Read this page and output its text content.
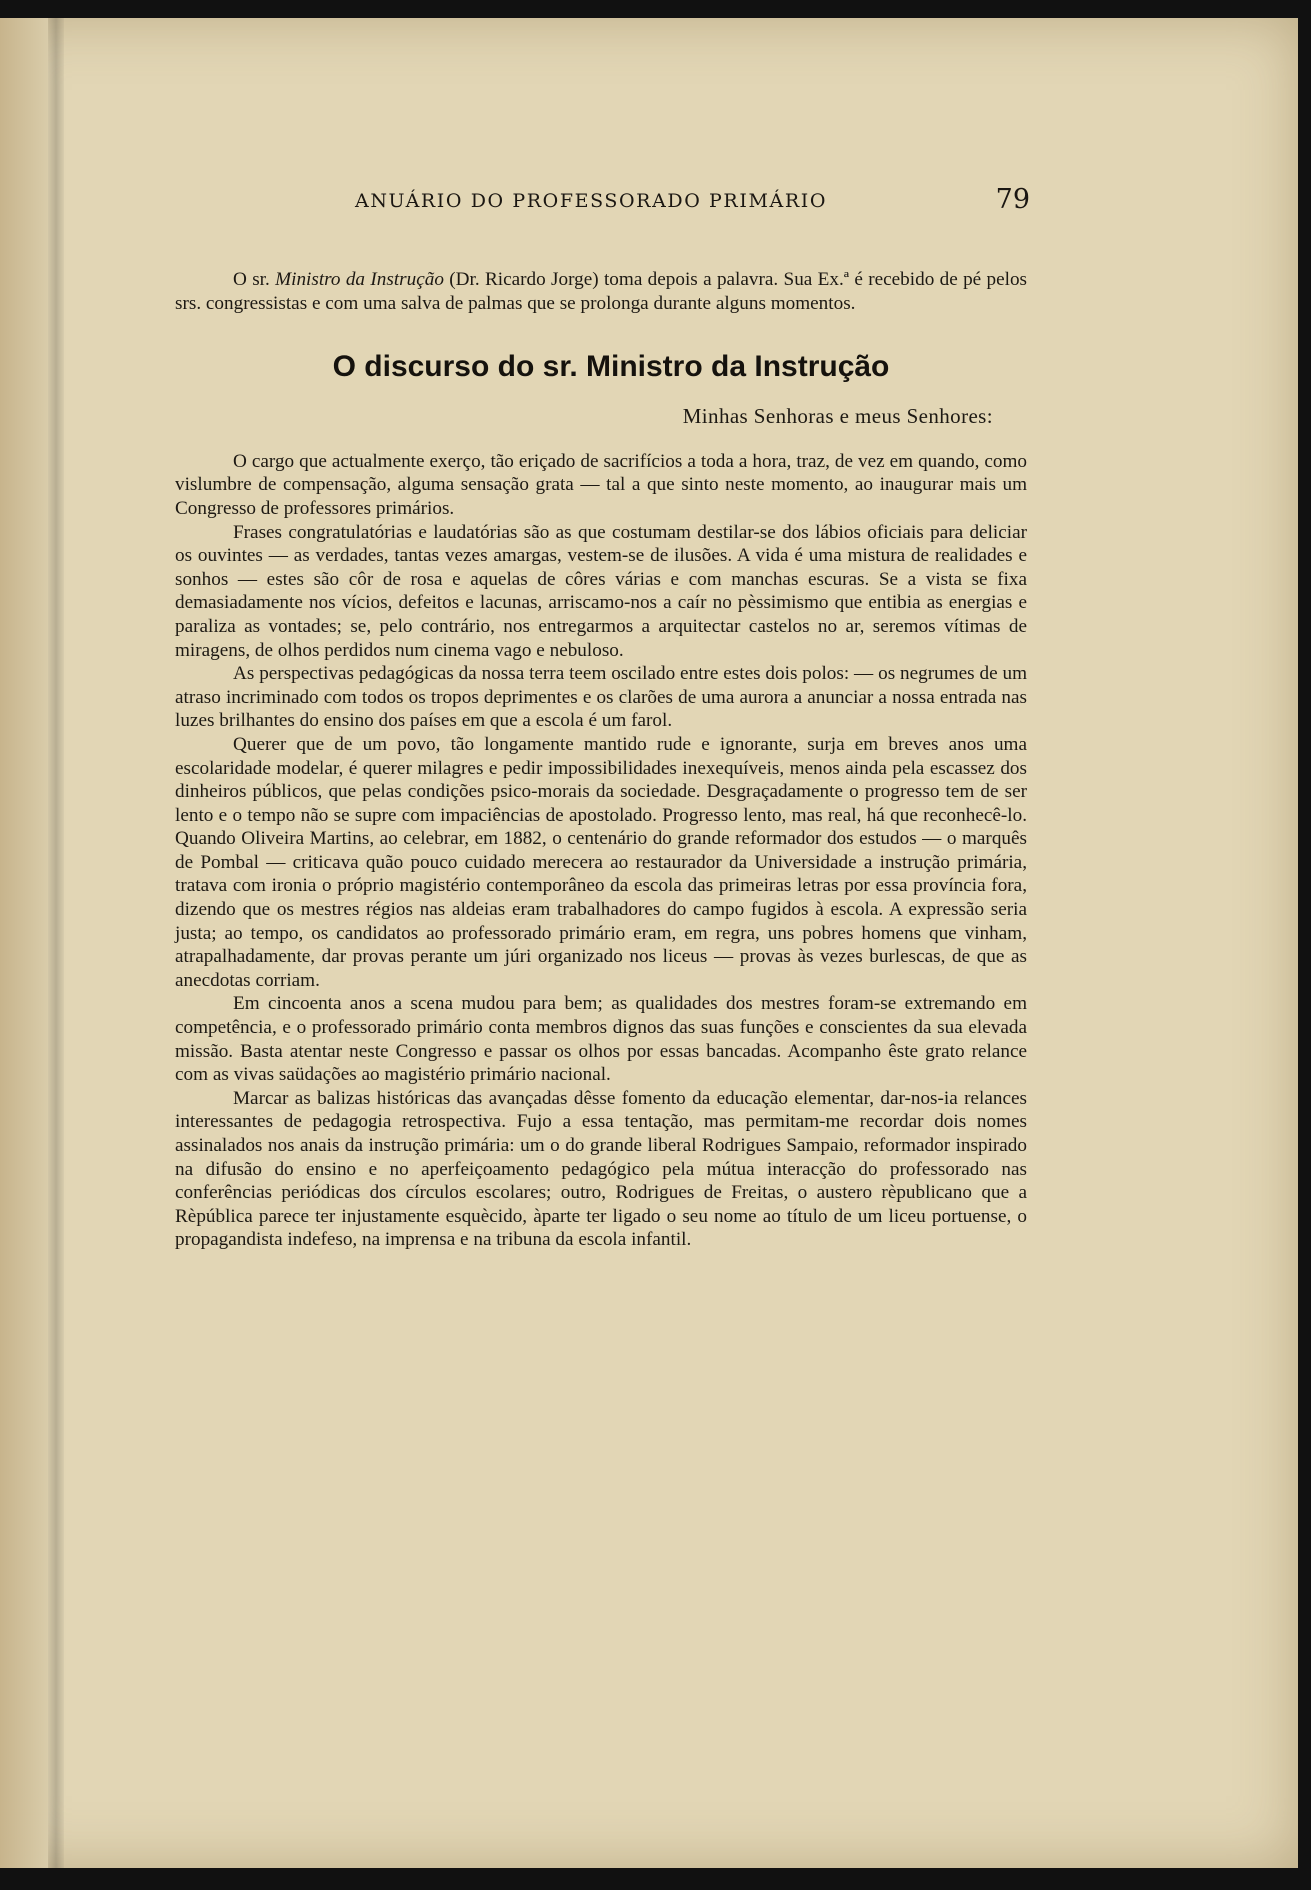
ANUÁRIO DO PROFESSORADO PRIMÁRIO	79

O sr. Ministro da Instrução (Dr. Ricardo Jorge) toma depois a palavra. Sua Ex.ª é recebido de pé pelos srs. congressistas e com uma salva de palmas que se prolonga durante alguns momentos.

O discurso do sr. Ministro da Instrução

Minhas Senhoras e meus Senhores:

O cargo que actualmente exerço, tão eriçado de sacrifícios a toda a hora, traz, de vez em quando, como vislumbre de compensação, alguma sensação grata — tal a que sinto neste momento, ao inaugurar mais um Congresso de professores primários.

Frases congratulatórias e laudatórias são as que costumam destilar-se dos lábios oficiais para deliciar os ouvintes — as verdades, tantas vezes amargas, vestem-se de ilusões. A vida é uma mistura de realidades e sonhos — estes são côr de rosa e aquelas de côres várias e com manchas escuras. Se a vista se fixa demasiadamente nos vícios, defeitos e lacunas, arriscamo-nos a caír no pèssimismo que entibia as energias e paraliza as vontades; se, pelo contrário, nos entregarmos a arquitectar castelos no ar, seremos vítimas de miragens, de olhos perdidos num cinema vago e nebuloso.

As perspectivas pedagógicas da nossa terra teem oscilado entre estes dois polos: — os negrumes de um atraso incriminado com todos os tropos deprimentes e os clarões de uma aurora a anunciar a nossa entrada nas luzes brilhantes do ensino dos países em que a escola é um farol.

Querer que de um povo, tão longamente mantido rude e ignorante, surja em breves anos uma escolaridade modelar, é querer milagres e pedir impossibilidades inexequíveis, menos ainda pela escassez dos dinheiros públicos, que pelas condições psico-morais da sociedade. Desgraçadamente o progresso tem de ser lento e o tempo não se supre com impaciências de apostolado. Progresso lento, mas real, há que reconhecê-lo. Quando Oliveira Martins, ao celebrar, em 1882, o centenário do grande reformador dos estudos — o marquês de Pombal — criticava quão pouco cuidado merecera ao restaurador da Universidade a instrução primária, tratava com ironia o próprio magistério contemporâneo da escola das primeiras letras por essa província fora, dizendo que os mestres régios nas aldeias eram trabalhadores do campo fugidos à escola. A expressão seria justa; ao tempo, os candidatos ao professorado primário eram, em regra, uns pobres homens que vinham, atrapalhadamente, dar provas perante um júri organizado nos liceus — provas às vezes burlescas, de que as anecdotas corriam.

Em cincoenta anos a scena mudou para bem; as qualidades dos mestres foram-se extremando em competência, e o professorado primário conta membros dignos das suas funções e conscientes da sua elevada missão. Basta atentar neste Congresso e passar os olhos por essas bancadas. Acompanho êste grato relance com as vivas saüdações ao magistério primário nacional.

Marcar as balizas históricas das avançadas dêsse fomento da educação elementar, dar-nos-ia relances interessantes de pedagogia retrospectiva. Fujo a essa tentação, mas permitam-me recordar dois nomes assinalados nos anais da instrução primária: um o do grande liberal Rodrigues Sampaio, reformador inspirado na difusão do ensino e no aperfeiçoamento pedagógico pela mútua interacção do professorado nas conferências periódicas dos círculos escolares; outro, Rodrigues de Freitas, o austero rèpublicano que a Rèpública parece ter injustamente esquècido, àparte ter ligado o seu nome ao título de um liceu portuense, o propagandista indefeso, na imprensa e na tribuna da escola infantil.
